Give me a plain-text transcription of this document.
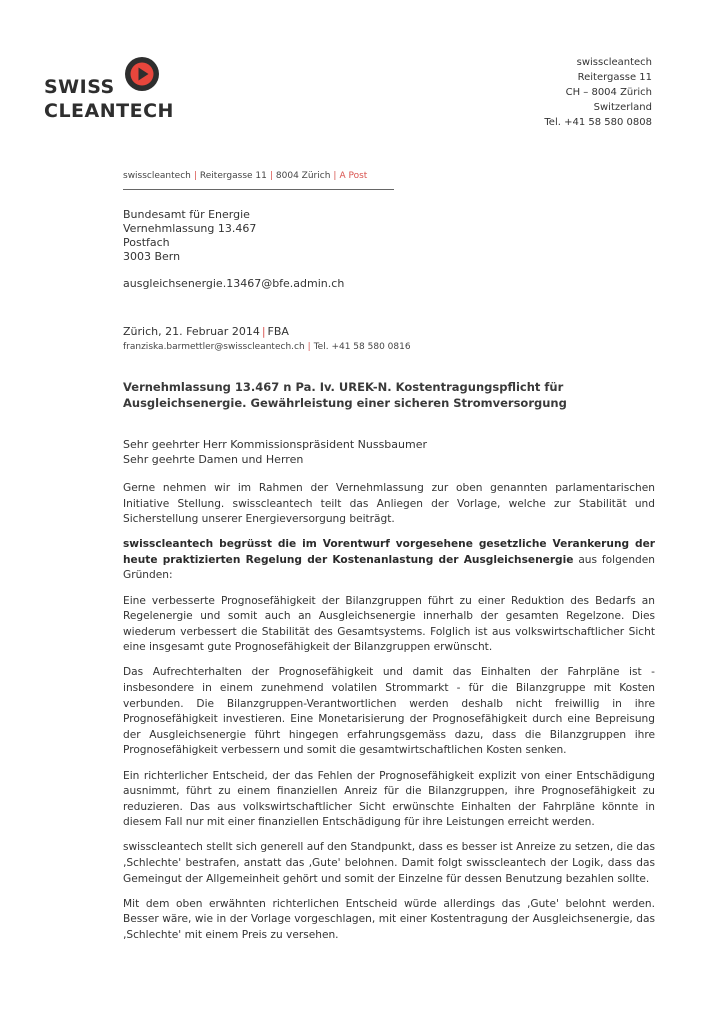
SWISS
CLEANTECH
swisscleantech
Reitergasse 11
CH – 8004 Zürich
Switzerland
Tel. +41 58 580 0808
swisscleantech | Reitergasse 11 | 8004 Zürich | A Post
Bundesamt für Energie
Vernehmlassung 13.467
Postfach
3003 Bern
ausgleichsenergie.13467@bfe.admin.ch
Zürich, 21. Februar 2014 | FBA
franziska.barmettler@swisscleantech.ch | Tel. +41 58 580 0816
Vernehmlassung 13.467 n Pa. Iv. UREK-N. Kostentragungspflicht für Ausgleichsenergie. Gewährleistung einer sicheren Stromversorgung
Sehr geehrter Herr Kommissionspräsident Nussbaumer
Sehr geehrte Damen und Herren

Gerne nehmen wir im Rahmen der Vernehmlassung zur oben genannten parlamentarischen Initiative Stellung. swisscleantech teilt das Anliegen der Vorlage, welche zur Stabilität und Sicherstellung unserer Energieversorgung beiträgt.

swisscleantech begrüsst die im Vorentwurf vorgesehene gesetzliche Verankerung der heute praktizierten Regelung der Kostenanlastung der Ausgleichsenergie aus folgenden Gründen:

Eine verbesserte Prognosefähigkeit der Bilanzgruppen führt zu einer Reduktion des Bedarfs an Regelenergie und somit auch an Ausgleichsenergie innerhalb der gesamten Regelzone. Dies wiederum verbessert die Stabilität des Gesamtsystems. Folglich ist aus volkswirtschaftlicher Sicht eine insgesamt gute Prognosefähigkeit der Bilanzgruppen erwünscht.

Das Aufrechterhalten der Prognosefähigkeit und damit das Einhalten der Fahrpläne ist - insbesondere in einem zunehmend volatilen Strommarkt - für die Bilanzgruppe mit Kosten verbunden. Die Bilanzgruppen-Verantwortlichen werden deshalb nicht freiwillig in ihre Prognosefähigkeit investieren. Eine Monetarisierung der Prognosefähigkeit durch eine Bepreisung der Ausgleichsenergie führt hingegen erfahrungsgemäss dazu, dass die Bilanzgruppen ihre Prognosefähigkeit verbessern und somit die gesamtwirtschaftlichen Kosten senken.

Ein richterlicher Entscheid, der das Fehlen der Prognosefähigkeit explizit von einer Entschädigung ausnimmt, führt zu einem finanziellen Anreiz für die Bilanzgruppen, ihre Prognosefähigkeit zu reduzieren. Das aus volkswirtschaftlicher Sicht erwünschte Einhalten der Fahrpläne könnte in diesem Fall nur mit einer finanziellen Entschädigung für ihre Leistungen erreicht werden.

swisscleantech stellt sich generell auf den Standpunkt, dass es besser ist Anreize zu setzen, die das ‚Schlechte' bestrafen, anstatt das ‚Gute' belohnen. Damit folgt swisscleantech der Logik, dass das Gemeingut der Allgemeinheit gehört und somit der Einzelne für dessen Benutzung bezahlen sollte.

Mit dem oben erwähnten richterlichen Entscheid würde allerdings das ‚Gute' belohnt werden. Besser wäre, wie in der Vorlage vorgeschlagen, mit einer Kostentragung der Ausgleichsenergie, das ‚Schlechte' mit einem Preis zu versehen.
